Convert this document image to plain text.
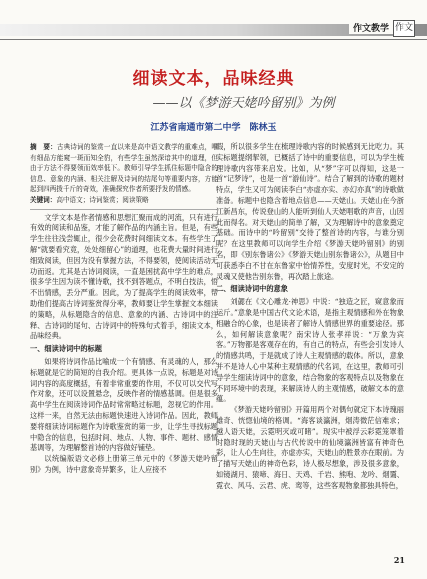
作文教学 作文
细读文本，品味经典
——以《梦游天姥吟留别》为例
江苏省南通市第二中学　陈林玉
摘　要：古典诗词的鉴赏一直以来是高中语文教学的重难点，唯有细品方能窥一斑而知全豹，有些学生虽然深谙其中的道理，但由于方法不得要领而效率低下。教师引导学生抓住标题中隐含的信息、意象的内涵、相关注解及诗词的结尾句等重要内容，方能起到四两拨千斤的奇效，准确探究作者所要抒发的情感。
关键词：高中语文；诗词鉴赏；阅读策略

文学文本是作者情感和思想汇聚而成的河流，只有进行有效的阅读和品鉴，才能了解作品的内涵主旨。但是，有些学生往往浅尝辄止，很少会花费时间细读文本。有些学生了解“就要看究竟，处处细留心”的道理，也花费大量时间进行细致阅读，但因为没有掌握方法，不得要领，使阅读活动无功而返。尤其是古诗词阅读，一直是困扰高中学生的难点，很多学生因为读不懂诗歌，找不到答题点，不明白技法，悟不出情感，丢分严重。因此，为了提高学生的阅读效率，帮助他们提高古诗词鉴赏得分率，教师要让学生掌握文本细读的策略，从标题隐含的信息、意象的内涵、古诗词中的注释、古诗词的尾句、古诗词中的特殊句式着手，细读文本，品味经典。

一、细读诗词中的标题

如果将诗词作品比喻成一个有情感、有灵魂的人，那么标题就是它的简短的自我介绍。更具体一点说，标题是对诗词内容的高度概括，有着非常重要的作用，不仅可以交代写作对象，还可以设置悬念，反映作者的情感基调。但是很多高中学生在阅读诗词作品时常常略过标题，忽视它的作用。这样一来，自然无法由标题快速进入诗词作品。因此，教师要将细读诗词标题作为诗歌鉴赏的第一步，让学生寻找标题中隐含的信息，包括时间、地点、人物、事件、题材、感情基调等，为理解整首诗的内容做好铺垫。

以统编版语文必修上册第三单元中的《梦游天姥吟留别》为例，诗中意象奇异繁多，让人应接不

暇，所以很多学生在梳理诗歌内容的时候感到无比吃力。其实标题提纲挈领，已概括了诗中的重要信息，可以为学生梳理诗歌内容带来启发。比如，从“梦”字可以得知，这是一首“记梦诗”，也是一首“游仙诗”。结合了解到的诗歌的题材特点，学生又可为阅读李白“亦虚亦实、亦幻亦真”的诗歌做准备。标题中也隐含着地点信息——天姥山。天姥山在今浙江新昌东，传说登山的人能听到仙人天姥唱歌的声音，山因此而得名。对天姥山的简单了解，又为理解诗中的意象奠定基础。而诗中的“吟留别”交待了整首诗的内容，与谁分别呢？在这里教师可以向学生介绍《梦游天姥吟留别》的别名，即《别东鲁诸公》《梦游天姥山别东鲁诸公》，从题目中可获悉李白不甘在东鲁家中怡情养性，安度时光，不安定的灵魂又使他告别东鲁，再次踏上旅途。

二、细读诗词中的意象

刘勰在《文心雕龙·神思》中说：“独造之匠，窥意象而运斤。”意象是中国古代文论术语，是指主观情感和外在物象相融合的心象，也是读者了解诗人情感世界的重要途径。那么，如何解读意象呢？南宋诗人张孝祥说：“万象为宾客。”万物都是客观存在的，有自己的特点，有些会引发诗人的情感共鸣，于是就成了诗人主观情感的载体。所以，意象并不是诗人心中某种主观情感的代名词，在这里，教师可引导学生细读诗词中的意象，结合物象的客观特点以及物象在不同环境中的表现，来解读诗人的主观情感，破解文本的意蕴。

《梦游天姥吟留别》开篇用两个对偶句就定下本诗瑰丽雄奇、恍惚仙境的格调。“海客谈瀛洲，烟涛微茫信难求；越人语天姥，云霓明灭或可睹”。现实中被浮云彩霓笼罩着时隐时现的天姥山与古代传说中的仙境瀛洲皆富有神奇色彩，让人心生向往，亦虚亦实，天姥山的胜景亦在眼前。为了描写天姥山的神奇色彩，诗人极尽想象，涉及很多意象，如镜湖月、猿啼、海日、天鸡、千岩、熊咆、龙吟、烟霭、霓衣、风马、云君、虎、鸾等，这些客观物象都独具特色，

21
